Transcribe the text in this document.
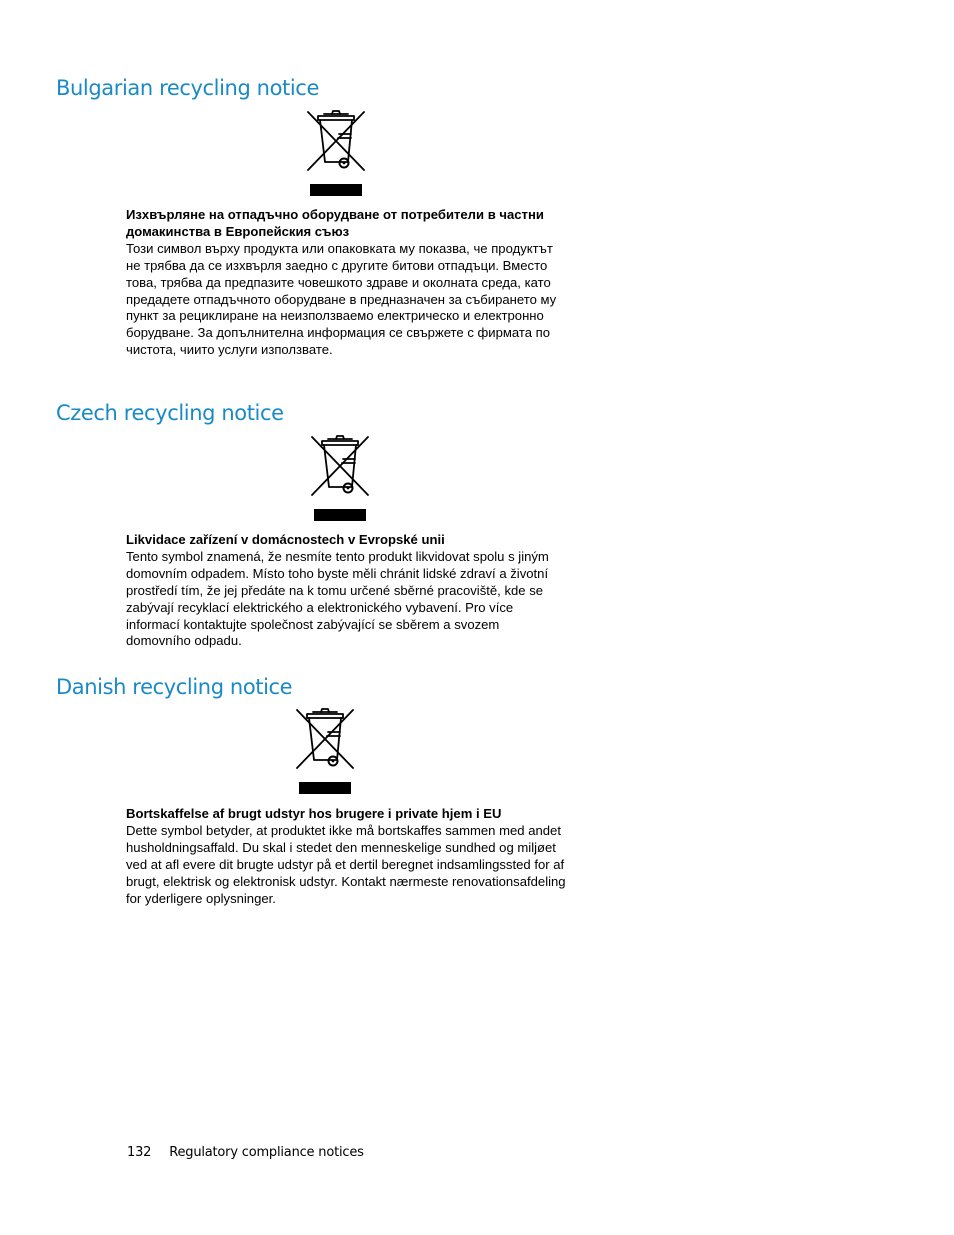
Bulgarian recycling notice

Изхвърляне на отпадъчно оборудване от потребители в частни домакинства в Европейския съюз

Този символ върху продукта или опаковката му показва, че продуктът не трябва да се изхвърля заедно с другите битови отпадъци. Вместо това, трябва да предпазите човешкото здраве и околната среда, като предадете отпадъчното оборудване в предназначен за събирането му пункт за рециклиране на неизползваемо електрическо и електронно борудване. За допълнителна информация се свържете с фирмата по чистота, чиито услуги използвате.

Czech recycling notice

Likvidace zařízení v domácnostech v Evropské unii

Tento symbol znamená, že nesmíte tento produkt likvidovat spolu s jiným domovním odpadem. Místo toho byste měli chránit lidské zdraví a životní prostředí tím, že jej předáte na k tomu určené sběrné pracoviště, kde se zabývají recyklací elektrického a elektronického vybavení. Pro více informací kontaktujte společnost zabývající se sběrem a svozem domovního odpadu.

Danish recycling notice

Bortskaffelse af brugt udstyr hos brugere i private hjem i EU

Dette symbol betyder, at produktet ikke må bortskaffes sammen med andet husholdningsaffald. Du skal i stedet den menneskelige sundhed og miljøet ved at afl evere dit brugte udstyr på et dertil beregnet indsamlingssted for af brugt, elektrisk og elektronisk udstyr. Kontakt nærmeste renovationsafdeling for yderligere oplysninger.

132 Regulatory compliance notices
